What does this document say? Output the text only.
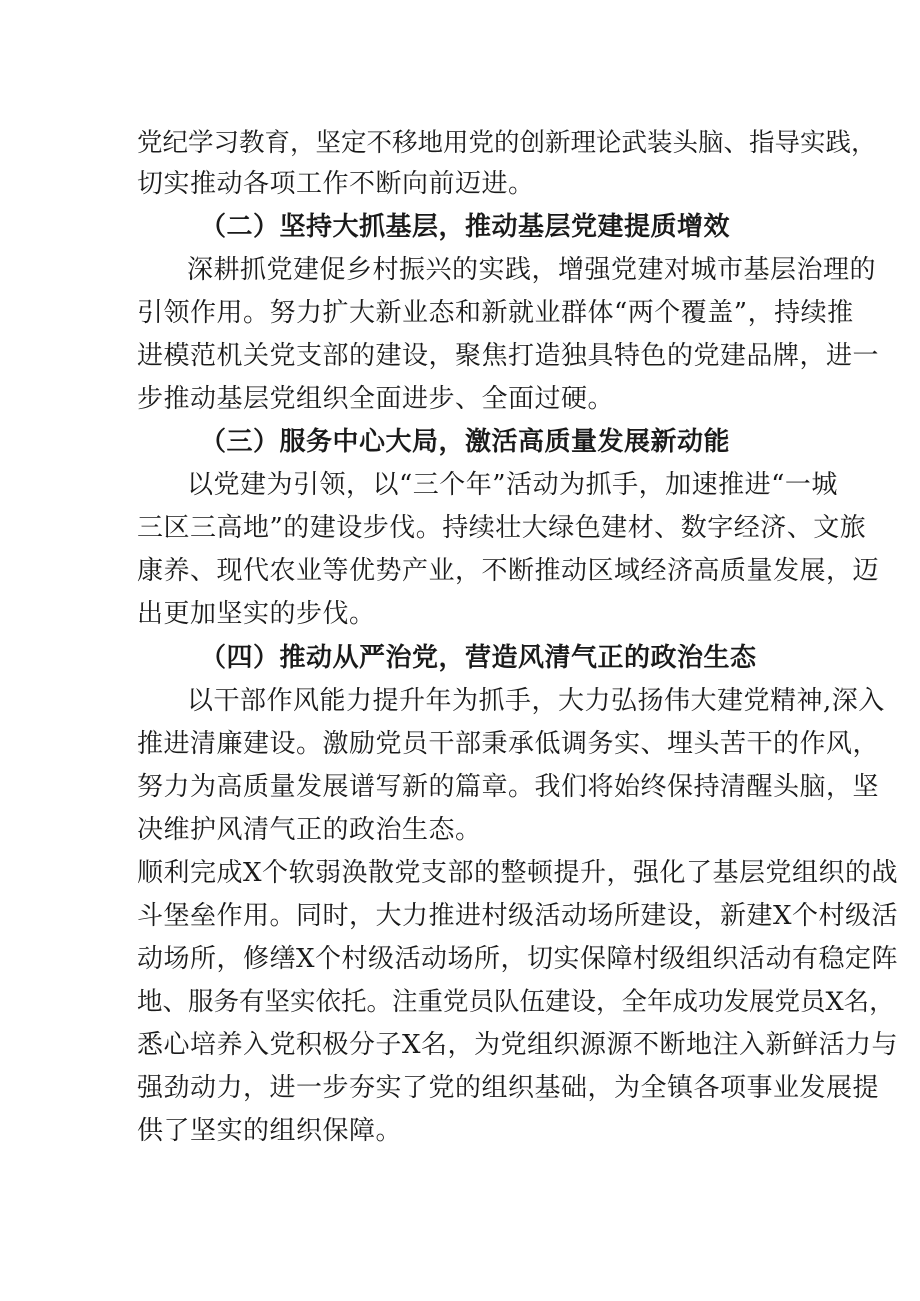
党纪学习教育，坚定不移地用党的创新理论武装头脑、指导实践，
切实推动各项工作不断向前迈进。
（二）坚持大抓基层，推动基层党建提质增效
深耕抓党建促乡村振兴的实践，增强党建对城市基层治理的
引领作用。努力扩大新业态和新就业群体“两个覆盖”，持续推
进模范机关党支部的建设，聚焦打造独具特色的党建品牌，进一
步推动基层党组织全面进步、全面过硬。
（三）服务中心大局，激活高质量发展新动能
以党建为引领，以“三个年”活动为抓手，加速推进“一城
三区三高地”的建设步伐。持续壮大绿色建材、数字经济、文旅
康养、现代农业等优势产业，不断推动区域经济高质量发展，迈
出更加坚实的步伐。
（四）推动从严治党，营造风清气正的政治生态
以干部作风能力提升年为抓手，大力弘扬伟大建党精神,深入
推进清廉建设。激励党员干部秉承低调务实、埋头苦干的作风，
努力为高质量发展谱写新的篇章。我们将始终保持清醒头脑，坚
决维护风清气正的政治生态。
顺利完成X个软弱涣散党支部的整顿提升，强化了基层党组织的战
斗堡垒作用。同时，大力推进村级活动场所建设，新建X个村级活
动场所，修缮X个村级活动场所，切实保障村级组织活动有稳定阵
地、服务有坚实依托。注重党员队伍建设，全年成功发展党员X名，
悉心培养入党积极分子X名，为党组织源源不断地注入新鲜活力与
强劲动力，进一步夯实了党的组织基础，为全镇各项事业发展提
供了坚实的组织保障。
